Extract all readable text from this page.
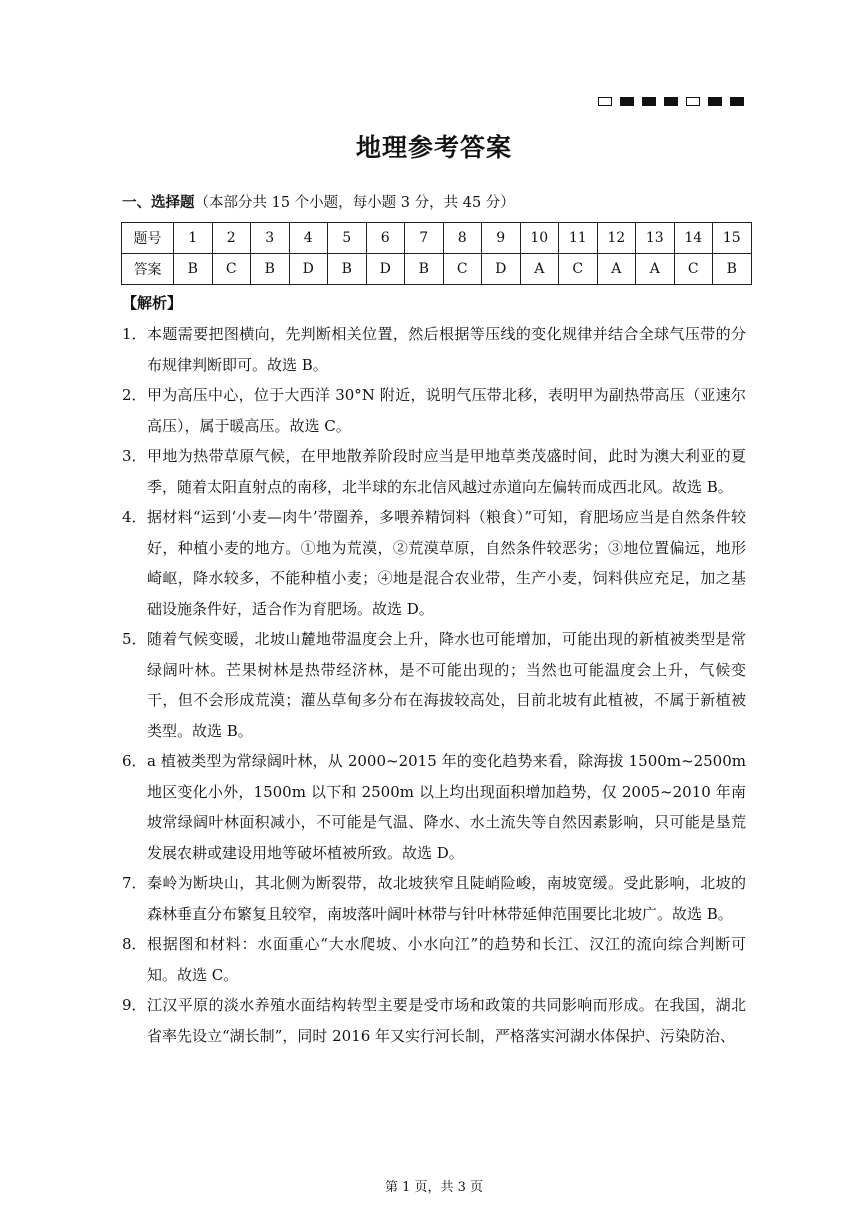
地理参考答案
一、选择题（本部分共 15 个小题，每小题 3 分，共 45 分）
题号	1	2	3	4	5	6	7	8	9	10	11	12	13	14	15
答案	B	C	B	D	B	D	B	C	D	A	C	A	A	C	B
【解析】
1． 本题需要把图横向，先判断相关位置，然后根据等压线的变化规律并结合全球气压带的分布规律判断即可。故选 B。
2． 甲为高压中心，位于大西洋 30°N 附近，说明气压带北移，表明甲为副热带高压（亚速尔高压），属于暖高压。故选 C。
3． 甲地为热带草原气候，在甲地散养阶段时应当是甲地草类茂盛时间，此时为澳大利亚的夏季，随着太阳直射点的南移，北半球的东北信风越过赤道向左偏转而成西北风。故选 B。
4． 据材料“运到‘小麦—肉牛’带圈养，多喂养精饲料（粮食）”可知，育肥场应当是自然条件较好，种植小麦的地方。①地为荒漠，②荒漠草原，自然条件较恶劣；③地位置偏远，地形崎岖，降水较多，不能种植小麦；④地是混合农业带，生产小麦，饲料供应充足，加之基础设施条件好，适合作为育肥场。故选 D。
5． 随着气候变暖，北坡山麓地带温度会上升，降水也可能增加，可能出现的新植被类型是常绿阔叶林。芒果树林是热带经济林，是不可能出现的；当然也可能温度会上升，气候变干，但不会形成荒漠；灌丛草甸多分布在海拔较高处，目前北坡有此植被，不属于新植被类型。故选 B。
6． a 植被类型为常绿阔叶林，从 2000~2015 年的变化趋势来看，除海拔 1500m~2500m 地区变化小外，1500m 以下和 2500m 以上均出现面积增加趋势，仅 2005~2010 年南坡常绿阔叶林面积减小，不可能是气温、降水、水土流失等自然因素影响，只可能是垦荒发展农耕或建设用地等破坏植被所致。故选 D。
7． 秦岭为断块山，其北侧为断裂带，故北坡狭窄且陡峭险峻，南坡宽缓。受此影响，北坡的森林垂直分布繁复且较窄，南坡落叶阔叶林带与针叶林带延伸范围要比北坡广。故选 B。
8． 根据图和材料：水面重心“大水爬坡、小水向江”的趋势和长江、汉江的流向综合判断可知。故选 C。
9． 江汉平原的淡水养殖水面结构转型主要是受市场和政策的共同影响而形成。在我国，湖北省率先设立“湖长制”，同时 2016 年又实行河长制，严格落实河湖水体保护、污染防治、
第 1 页，共 3 页
